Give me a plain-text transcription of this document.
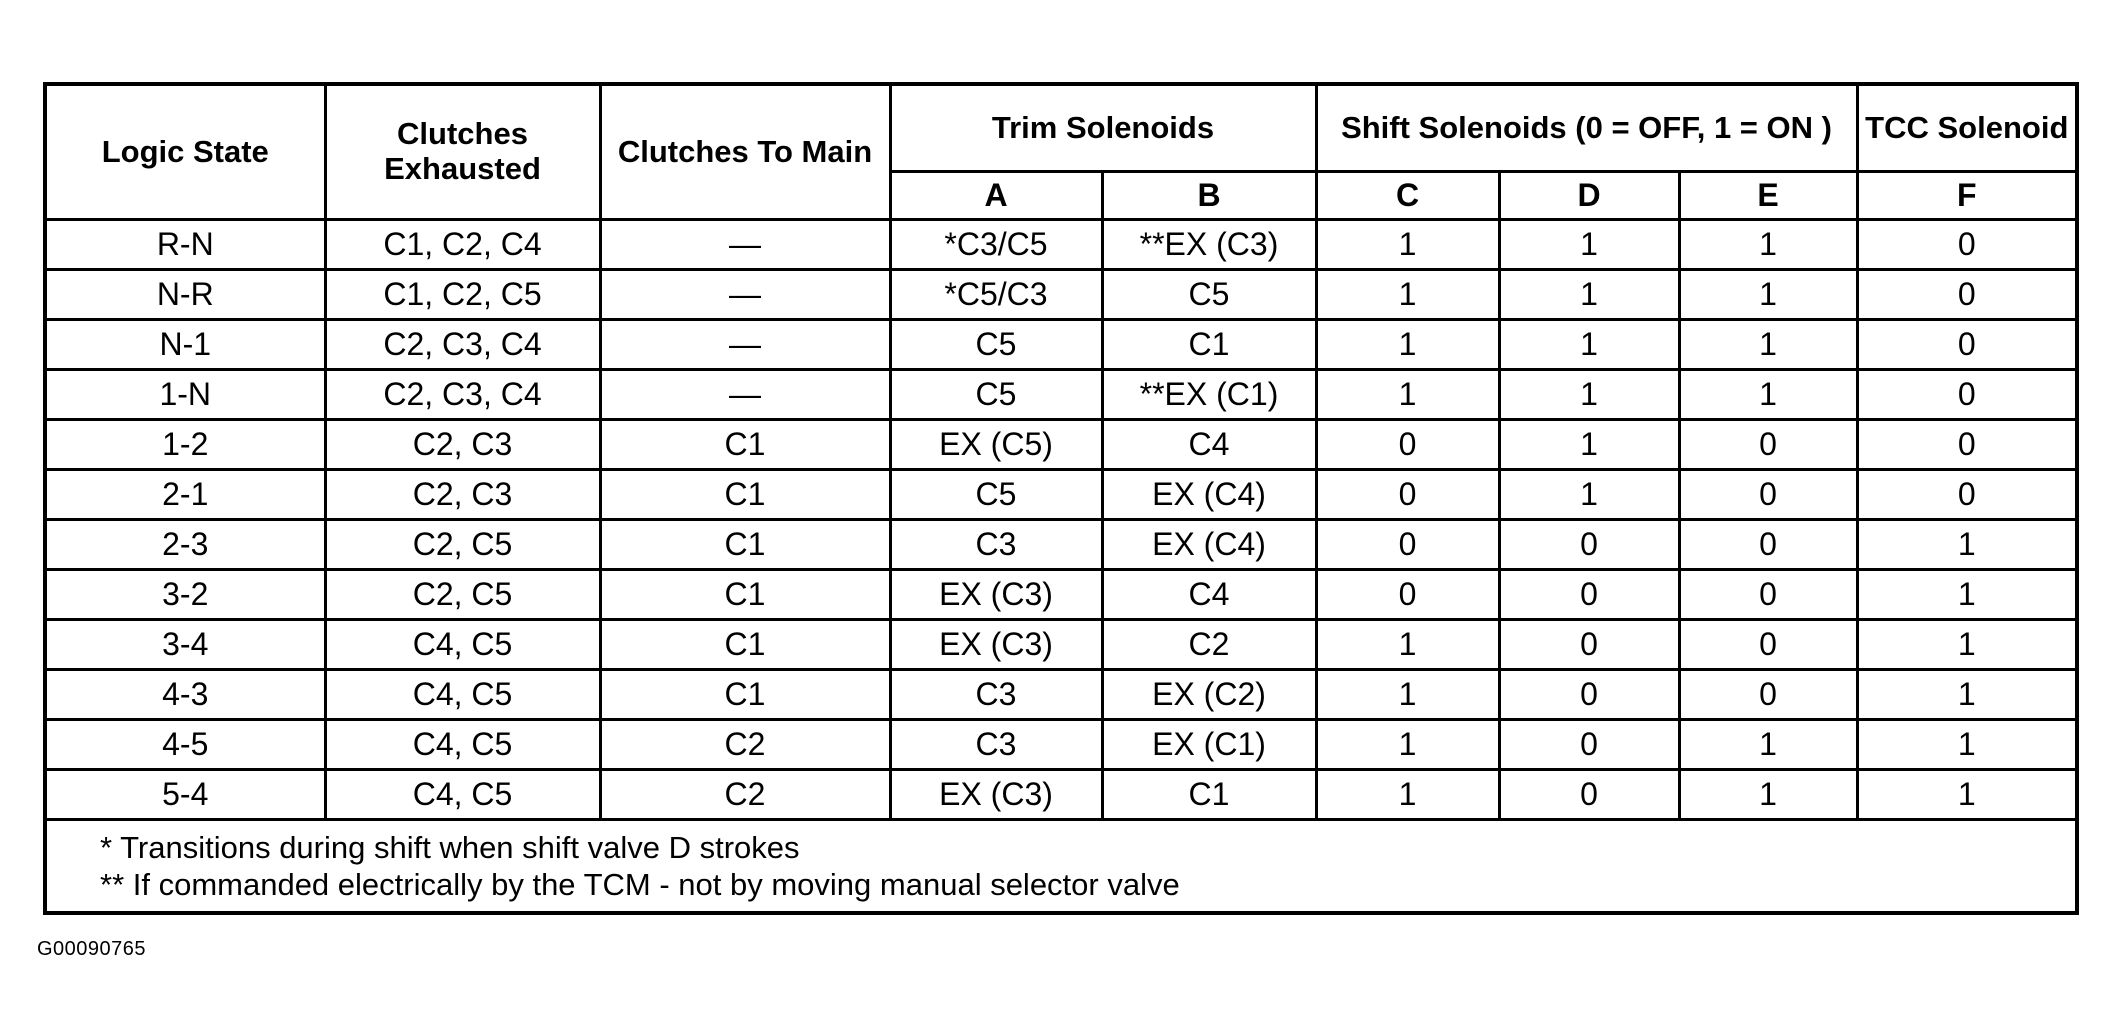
Logic State	Clutches Exhausted	Clutches To Main	Trim Solenoids		Shift Solenoids (0 = OFF, 1 = ON )			TCC Solenoid
			A	B	C	D	E	F
R-N	C1, C2, C4	—	*C3/C5	**EX (C3)	1	1	1	0
N-R	C1, C2, C5	—	*C5/C3	C5	1	1	1	0
N-1	C2, C3, C4	—	C5	C1	1	1	1	0
1-N	C2, C3, C4	—	C5	**EX (C1)	1	1	1	0
1-2	C2, C3	C1	EX (C5)	C4	0	1	0	0
2-1	C2, C3	C1	C5	EX (C4)	0	1	0	0
2-3	C2, C5	C1	C3	EX (C4)	0	0	0	1
3-2	C2, C5	C1	EX (C3)	C4	0	0	0	1
3-4	C4, C5	C1	EX (C3)	C2	1	0	0	1
4-3	C4, C5	C1	C3	EX (C2)	1	0	0	1
4-5	C4, C5	C2	C3	EX (C1)	1	0	1	1
5-4	C4, C5	C2	EX (C3)	C1	1	0	1	1

* Transitions during shift when shift valve D strokes
** If commanded electrically by the TCM - not by moving manual selector valve								
G00090765
